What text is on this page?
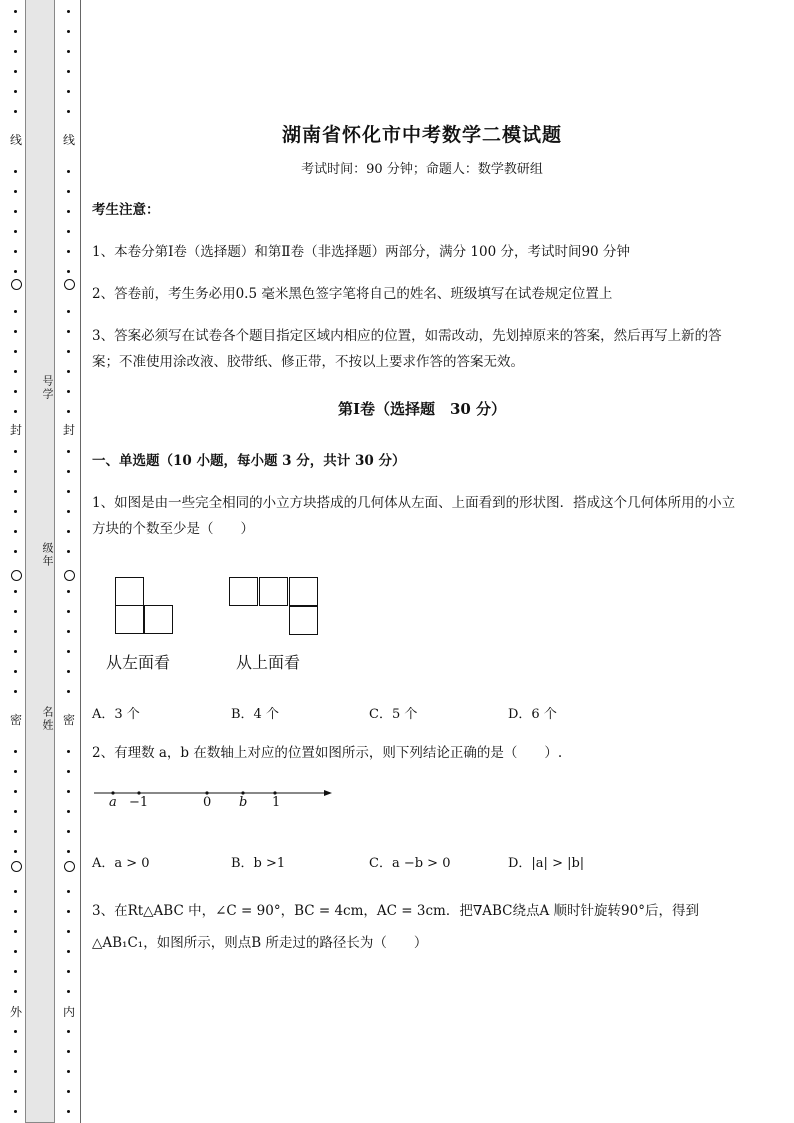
线
封
密
外
号学
级年
名姓
线
封
密
内
湖南省怀化市中考数学二模试题
考试时间：90 分钟；命题人：数学教研组
考生注意：
1、本卷分第Ⅰ卷（选择题）和第Ⅱ卷（非选择题）两部分，满分 100 分，考试时间90 分钟
2、答卷前，考生务必用0.5 毫米黑色签字笔将自己的姓名、班级填写在试卷规定位置上
3、答案必须写在试卷各个题目指定区域内相应的位置，如需改动，先划掉原来的答案，然后再写上新的答案；不准使用涂改液、胶带纸、修正带，不按以上要求作答的答案无效。
第Ⅰ卷（选择题　30 分）
一、单选题（10 小题，每小题 3 分，共计 30 分）
1、如图是由一些完全相同的小立方块搭成的几何体从左面、上面看到的形状图．搭成这个几何体所用的小立方块的个数至少是（　　）
从左面看	从上面看
A．3 个	B．4 个	C．5 个	D．6 个
2、有理数 a，b 在数轴上对应的位置如图所示，则下列结论正确的是（　　）.
a −1	0 b 1
A．a > 0	B．b >1	C．a −b > 0	D．|a| > |b|
3、在Rt△ABC 中，∠C = 90°，BC = 4cm，AC = 3cm．把∇ABC绕点A 顺时针旋转90°后，得到
△AB₁C₁，如图所示，则点B 所走过的路径长为（　　）
